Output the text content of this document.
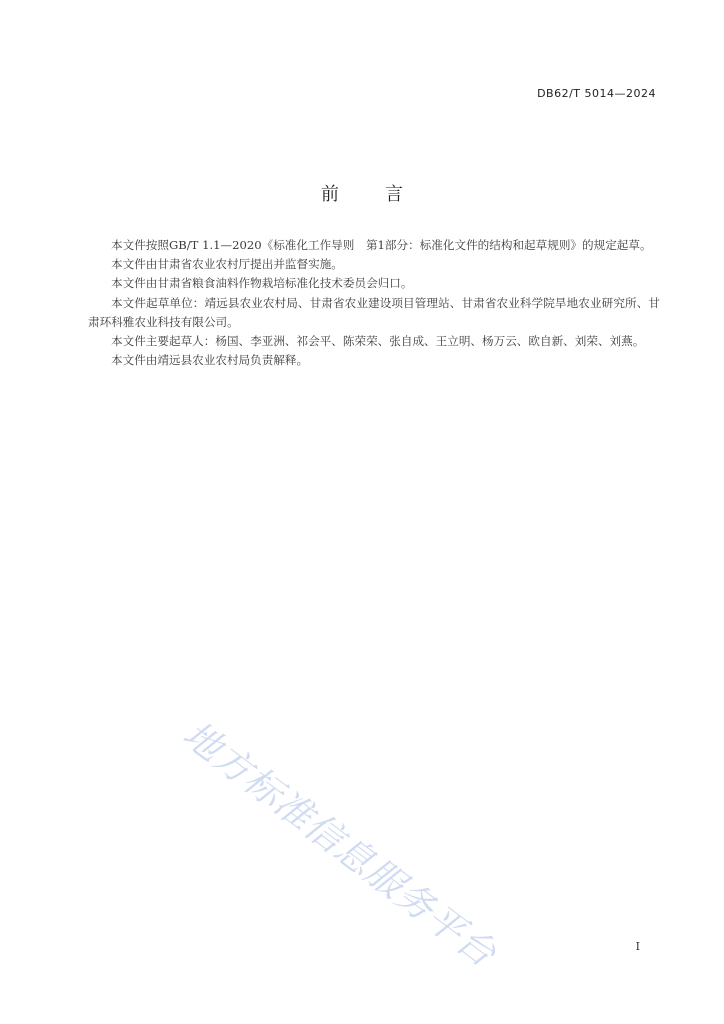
DB62/T 5014—2024
前言

本文件按照GB/T 1.1—2020《标准化工作导则　第1部分：标准化文件的结构和起草规则》的规定起草。

本文件由甘肃省农业农村厅提出并监督实施。

本文件由甘肃省粮食油料作物栽培标准化技术委员会归口。

本文件起草单位：靖远县农业农村局、甘肃省农业建设项目管理站、甘肃省农业科学院旱地农业研究所、甘肃环科雅农业科技有限公司。

本文件主要起草人：杨国、李亚洲、祁会平、陈荣荣、张自成、王立明、杨万云、欧自新、刘荣、刘燕。

本文件由靖远县农业农村局负责解释。

地方标准信息服务平台	I
